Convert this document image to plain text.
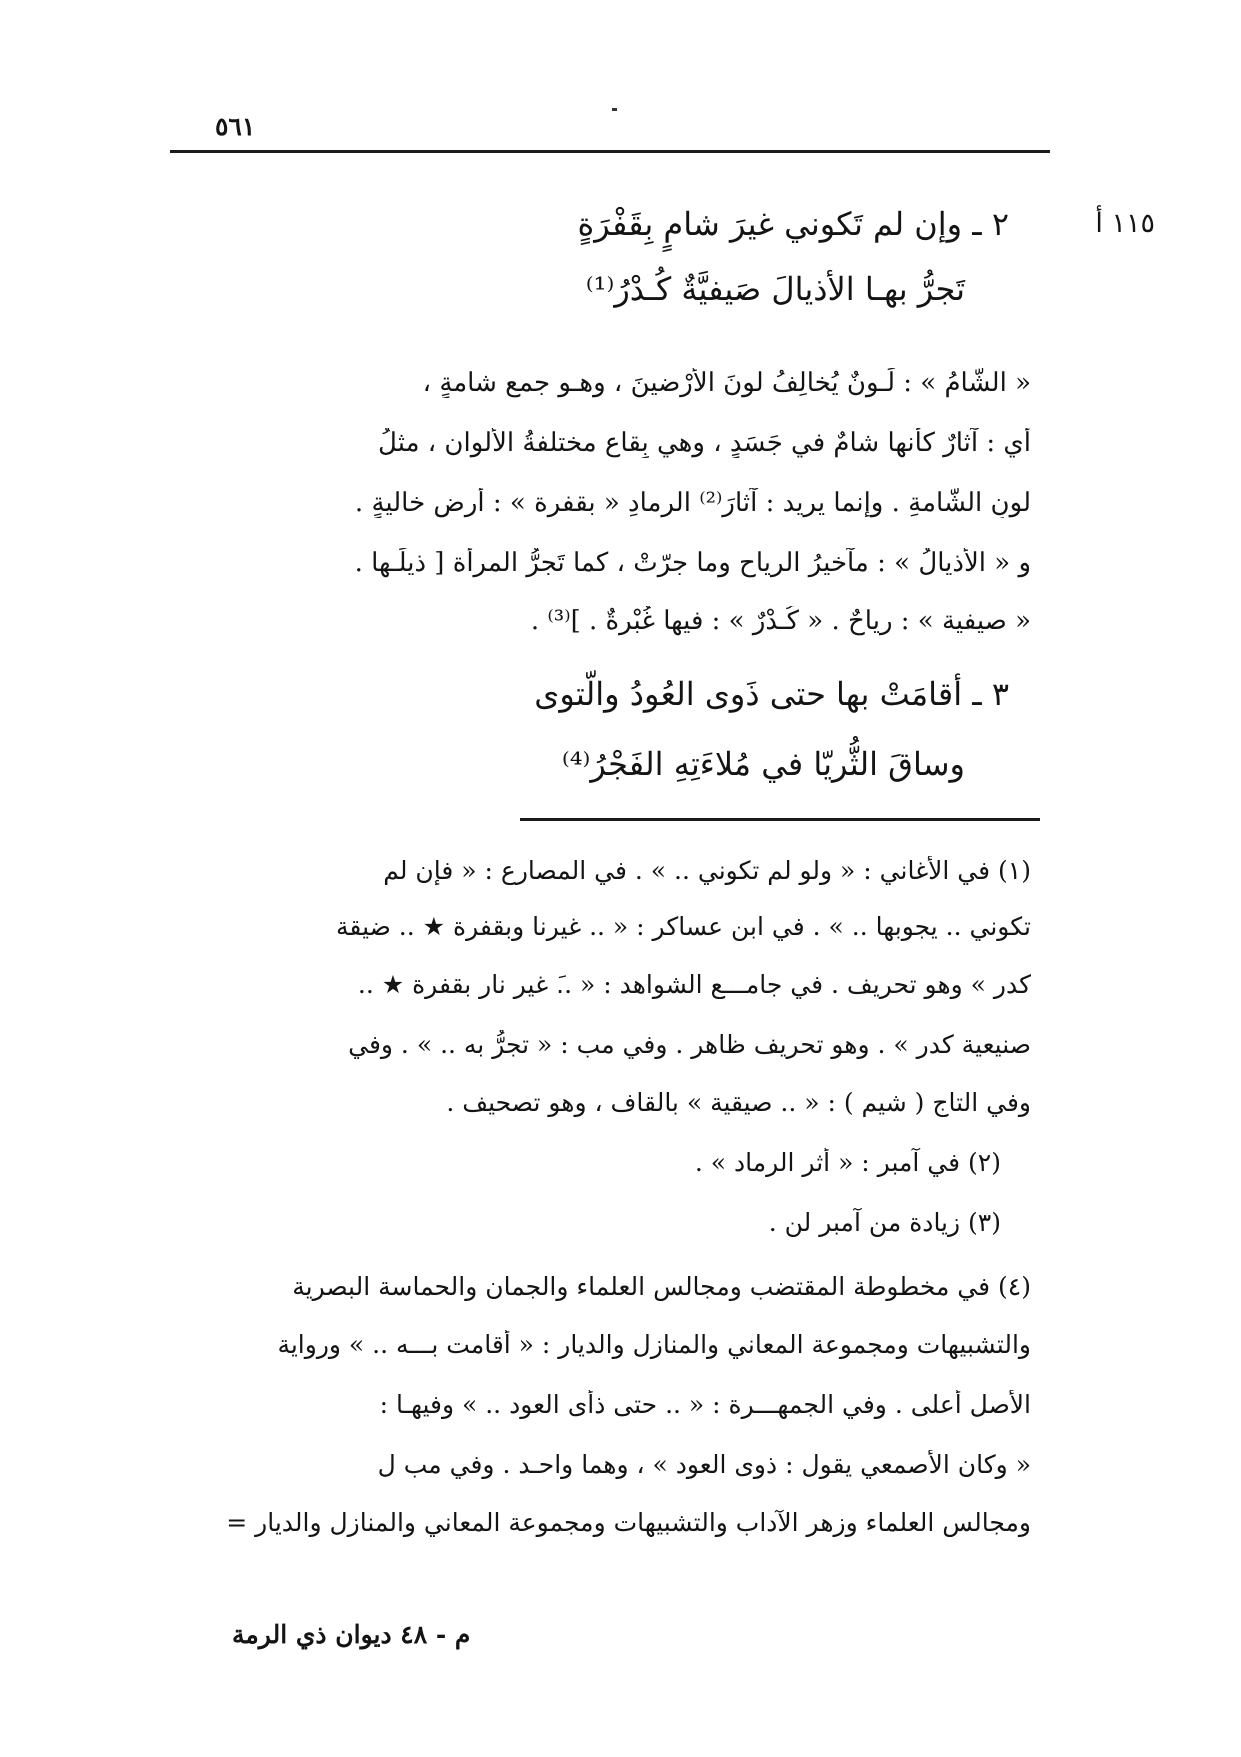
٥٦١
١١٥ أ
٢ ـ وإن لم تَكوني غيرَ شامٍ بِقَفْرَةٍ
تَجرُّ بهـا الأذيالَ صَيفيَّةٌ كُـدْرُ⁽¹⁾
« الشّامُ » : لَـونٌ يُخالِفُ لونَ الأرْضينَ ، وهـو جمع شامةٍ ،
أي : آثارٌ كأنها شامٌ في جَسَدٍ ، وهي بِقاع مختلفةُ الألوان ، مثلُ
لونِ الشّامةِ . وإنما يريد : آثارَ⁽²⁾ الرمادِ « بقفرة » : أرضٍ خاليةٍ .
و « الأذيالُ » : مآخيرُ الرياح وما جرّتْ ، كما تَجرُّ المرأة [ ذيلَـها .
« صيفية » : رياحٌ . « كُـدْرٌ » : فيها غُبْرةٌ . ]⁽³⁾ .
٣ ـ أقامَتْ بها حتى ذَوى العُودُ والّتوى
وساقَ الثُّريّا في مُلاءَتِهِ الفَجْرُ⁽⁴⁾
(١) في الأغاني : « ولو لم تكوني .. » . في المصارع : « فإن لم
تكوني .. يجوبها .. » . في ابن عساكر : « .. غيرنا وبقفرة ★ .. ضيقة
كدر » وهو تحريف . في جامـــع الشواهد : « ..َ غير نار بقفرة ★ ..
صنيعية كدر » . وهو تحريف ظاهر . وفي مب : « تجرُّ به .. » . وفي
وفي التاج ( شيم ) : « .. صيقية » بالقاف ، وهو تصحيف .
(٢) في آمبر : « أثر الرماد » .
(٣) زيادة من آمبر لن .
(٤) في مخطوطة المقتضب ومجالس العلماء والجمان والحماسة البصرية
والتشبيهات ومجموعة المعاني والمنازل والديار : « أقامت بـــه .. » ورواية
الأصل أعلى . وفي الجمهـــرة : « .. حتى ذأى العود .. » وفيهـا :
« وكان الأصمعي يقول : ذوى العود » ، وهما واحـد . وفي مب ل
ومجالس العلماء وزهر الآداب والتشبيهات ومجموعة المعاني والمنازل والديار =
م - ٤٨ ديوان ذي الرمة
